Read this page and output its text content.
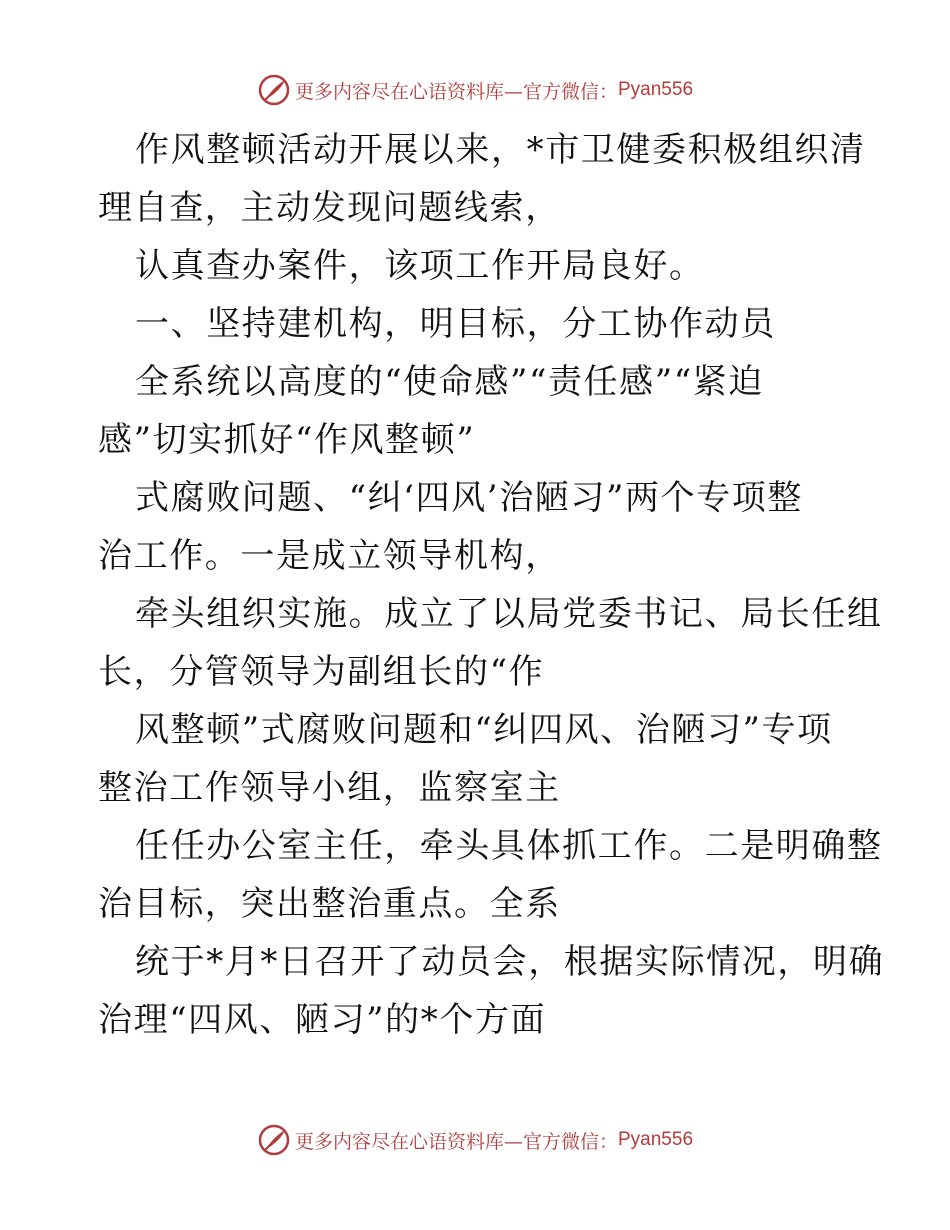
更多内容尽在心语资料库—官方微信： Pyan556
作风整顿活动开展以来，*市卫健委积极组织清
理自查，主动发现问题线索，
认真查办案件，该项工作开局良好。
一、坚持建机构，明目标，分工协作动员
全系统以高度的“使命感”“责任感”“紧迫
感”切实抓好“作风整顿”
式腐败问题、“纠‘四风’治陋习”两个专项整
治工作。一是成立领导机构，
牵头组织实施。成立了以局党委书记、局长任组
长，分管领导为副组长的“作
风整顿”式腐败问题和“纠四风、治陋习”专项
整治工作领导小组，监察室主
任任办公室主任，牵头具体抓工作。二是明确整
治目标，突出整治重点。全系
统于*月*日召开了动员会，根据实际情况，明确
治理“四风、陋习”的*个方面
更多内容尽在心语资料库—官方微信： Pyan556
